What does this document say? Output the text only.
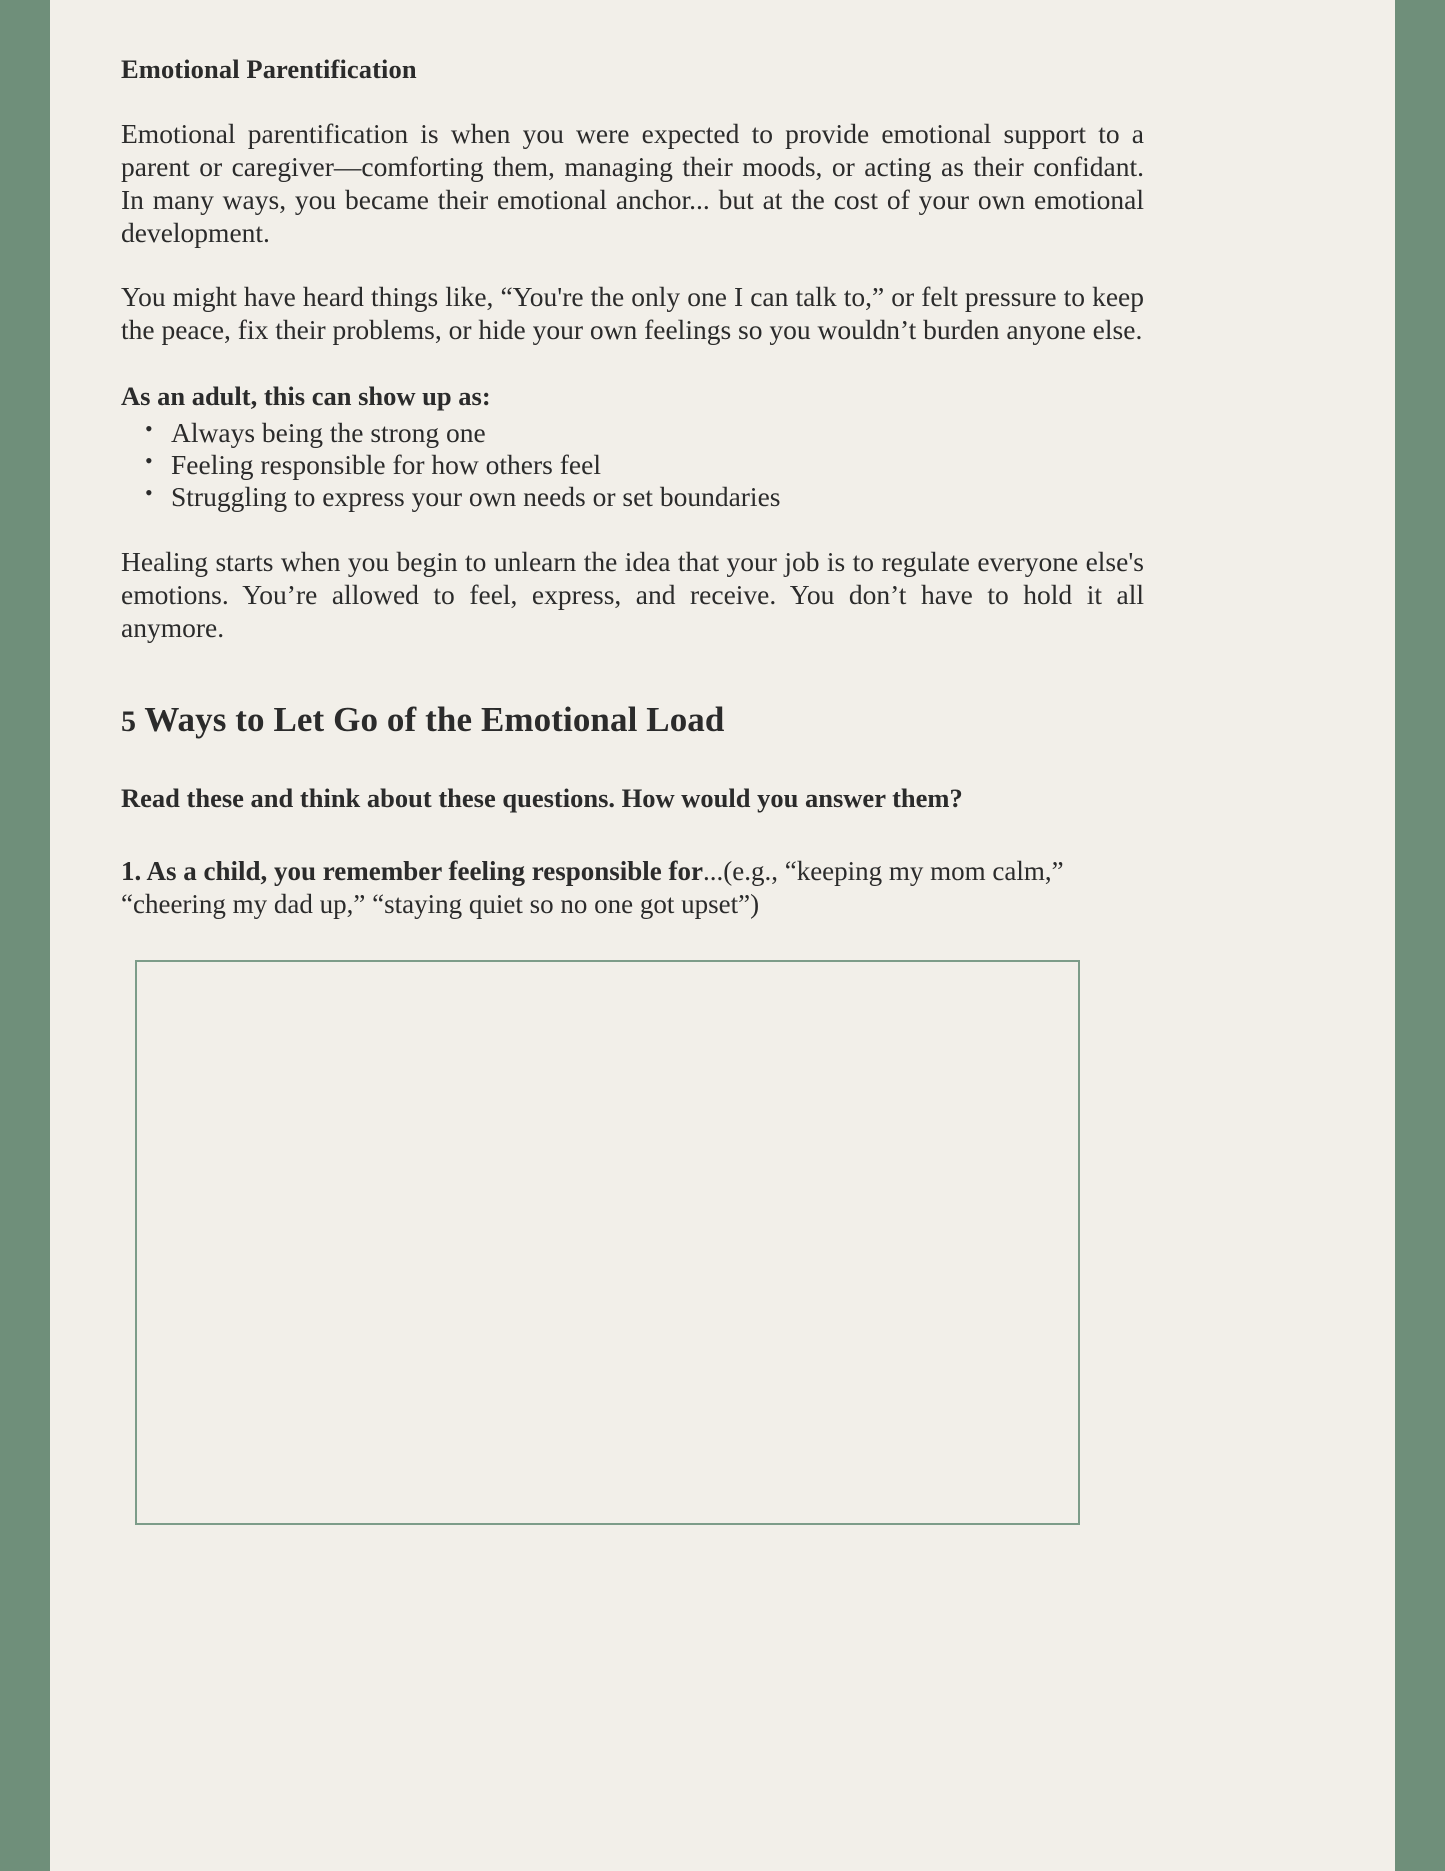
Emotional Parentification

Emotional parentification is when you were expected to provide emotional support to a parent or caregiver—comforting them, managing their moods, or acting as their confidant. In many ways, you became their emotional anchor... but at the cost of your own emotional development.

You might have heard things like, “You're the only one I can talk to,” or felt pressure to keep the peace, fix their problems, or hide your own feelings so you wouldn’t burden anyone else.

As an adult, this can show up as:

• Always being the strong one
• Feeling responsible for how others feel
• Struggling to express your own needs or set boundaries

Healing starts when you begin to unlearn the idea that your job is to regulate everyone else's emotions. You’re allowed to feel, express, and receive. You don’t have to hold it all anymore.

5 Ways to Let Go of the Emotional Load

Read these and think about these questions. How would you answer them?

1. As a child, you remember feeling responsible for...(e.g., “keeping my mom calm,” “cheering my dad up,” “staying quiet so no one got upset”)
